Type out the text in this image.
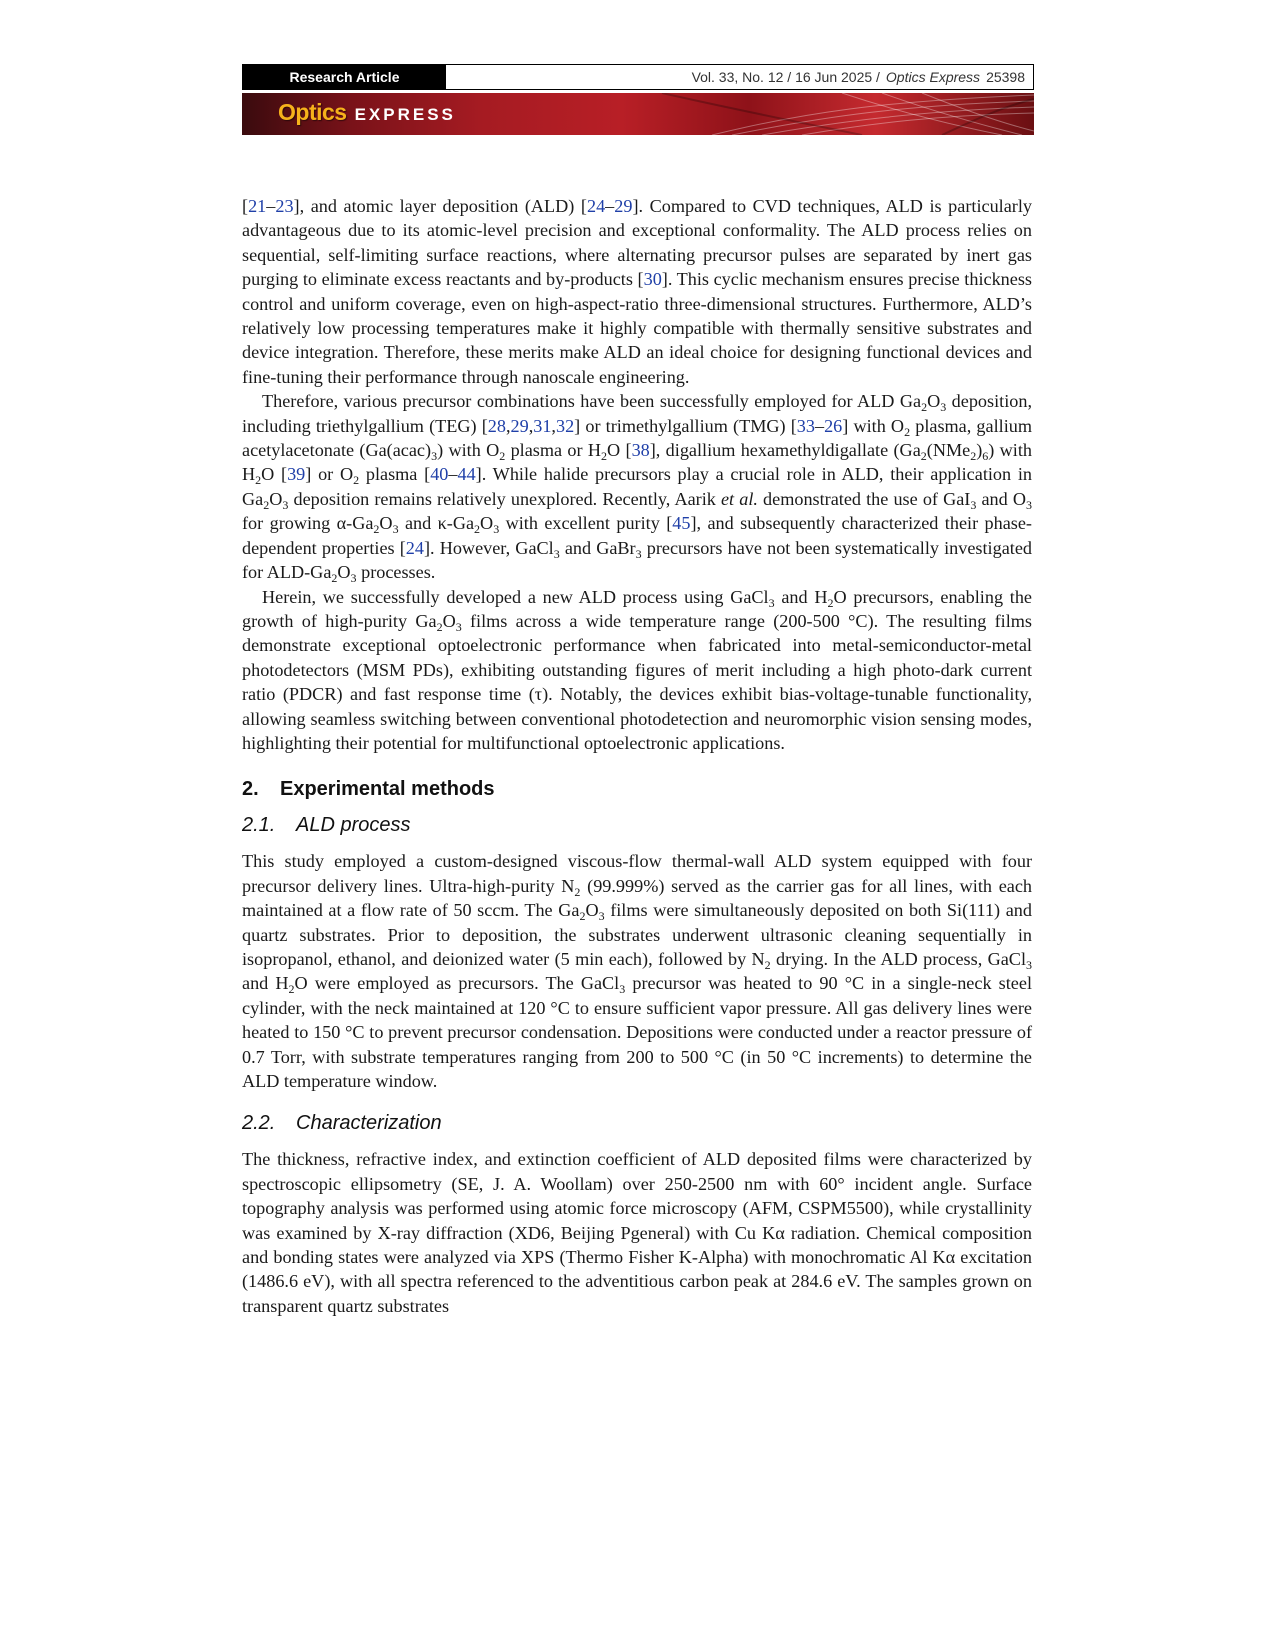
Research Article	Vol. 33, No. 12 / 16 Jun 2025 / Optics Express 25398
Optics EXPRESS

[21–23], and atomic layer deposition (ALD) [24–29]. Compared to CVD techniques, ALD is particularly advantageous due to its atomic-level precision and exceptional conformality. The ALD process relies on sequential, self-limiting surface reactions, where alternating precursor pulses are separated by inert gas purging to eliminate excess reactants and by-products [30]. This cyclic mechanism ensures precise thickness control and uniform coverage, even on high-aspect-ratio three-dimensional structures. Furthermore, ALD’s relatively low processing temperatures make it highly compatible with thermally sensitive substrates and device integration. Therefore, these merits make ALD an ideal choice for designing functional devices and fine-tuning their performance through nanoscale engineering.

Therefore, various precursor combinations have been successfully employed for ALD $Ga_2O_3$ deposition, including triethylgallium (TEG) [28,29,31,32] or trimethylgallium (TMG) [33–26] with $O_2$ plasma, gallium acetylacetonate $(Ga(acac)_3)$ with $O_2$ plasma or $H_2O$ [38], digallium hexamethyldigallate $(Ga_2(NMe_2)_6)$ with $H_2O$ [39] or $O_2$ plasma [40–44]. While halide precursors play a crucial role in ALD, their application in $Ga_2O_3$ deposition remains relatively unexplored. Recently, Aarik et al. demonstrated the use of GaI$_3$ and $O_3$ for growing $\alpha-Ga_2O_3$ and $\kappa-Ga_2O_3$ with excellent purity [45], and subsequently characterized their phase-dependent properties [24]. However, GaCl$_3$ and GaBr$_3$ precursors have not been systematically investigated for ALD-$Ga_2O_3$ processes.

Herein, we successfully developed a new ALD process using GaCl$_3$ and $H_2O$ precursors, enabling the growth of high-purity $Ga_2O_3$ films across a wide temperature range (200-500 °C). The resulting films demonstrate exceptional optoelectronic performance when fabricated into metal-semiconductor-metal photodetectors (MSM PDs), exhibiting outstanding figures of merit including a high photo-dark current ratio (PDCR) and fast response time (τ). Notably, the devices exhibit bias-voltage-tunable functionality, allowing seamless switching between conventional photodetection and neuromorphic vision sensing modes, highlighting their potential for multifunctional optoelectronic applications.

2. Experimental methods
2.1. ALD process

This study employed a custom-designed viscous-flow thermal-wall ALD system equipped with four precursor delivery lines. Ultra-high-purity $N_2$ (99.999%) served as the carrier gas for all lines, with each maintained at a flow rate of 50 sccm. The $Ga_2O_3$ films were simultaneously deposited on both Si(111) and quartz substrates. Prior to deposition, the substrates underwent ultrasonic cleaning sequentially in isopropanol, ethanol, and deionized water (5 min each), followed by $N_2$ drying. In the ALD process, GaCl$_3$ and $H_2O$ were employed as precursors. The GaCl$_3$ precursor was heated to 90 °C in a single-neck steel cylinder, with the neck maintained at 120 °C to ensure sufficient vapor pressure. All gas delivery lines were heated to 150 °C to prevent precursor condensation. Depositions were conducted under a reactor pressure of 0.7 Torr, with substrate temperatures ranging from 200 to 500 °C (in 50 °C increments) to determine the ALD temperature window.

2.2. Characterization

The thickness, refractive index, and extinction coefficient of ALD deposited films were characterized by spectroscopic ellipsometry (SE, J. A. Woollam) over 250-2500 nm with 60° incident angle. Surface topography analysis was performed using atomic force microscopy (AFM, CSPM5500), while crystallinity was examined by X-ray diffraction (XD6, Beijing Pgeneral) with Cu Kα radiation. Chemical composition and bonding states were analyzed via XPS (Thermo Fisher K-Alpha) with monochromatic Al Kα excitation (1486.6 eV), with all spectra referenced to the adventitious carbon peak at 284.6 eV. The samples grown on transparent quartz substrates
